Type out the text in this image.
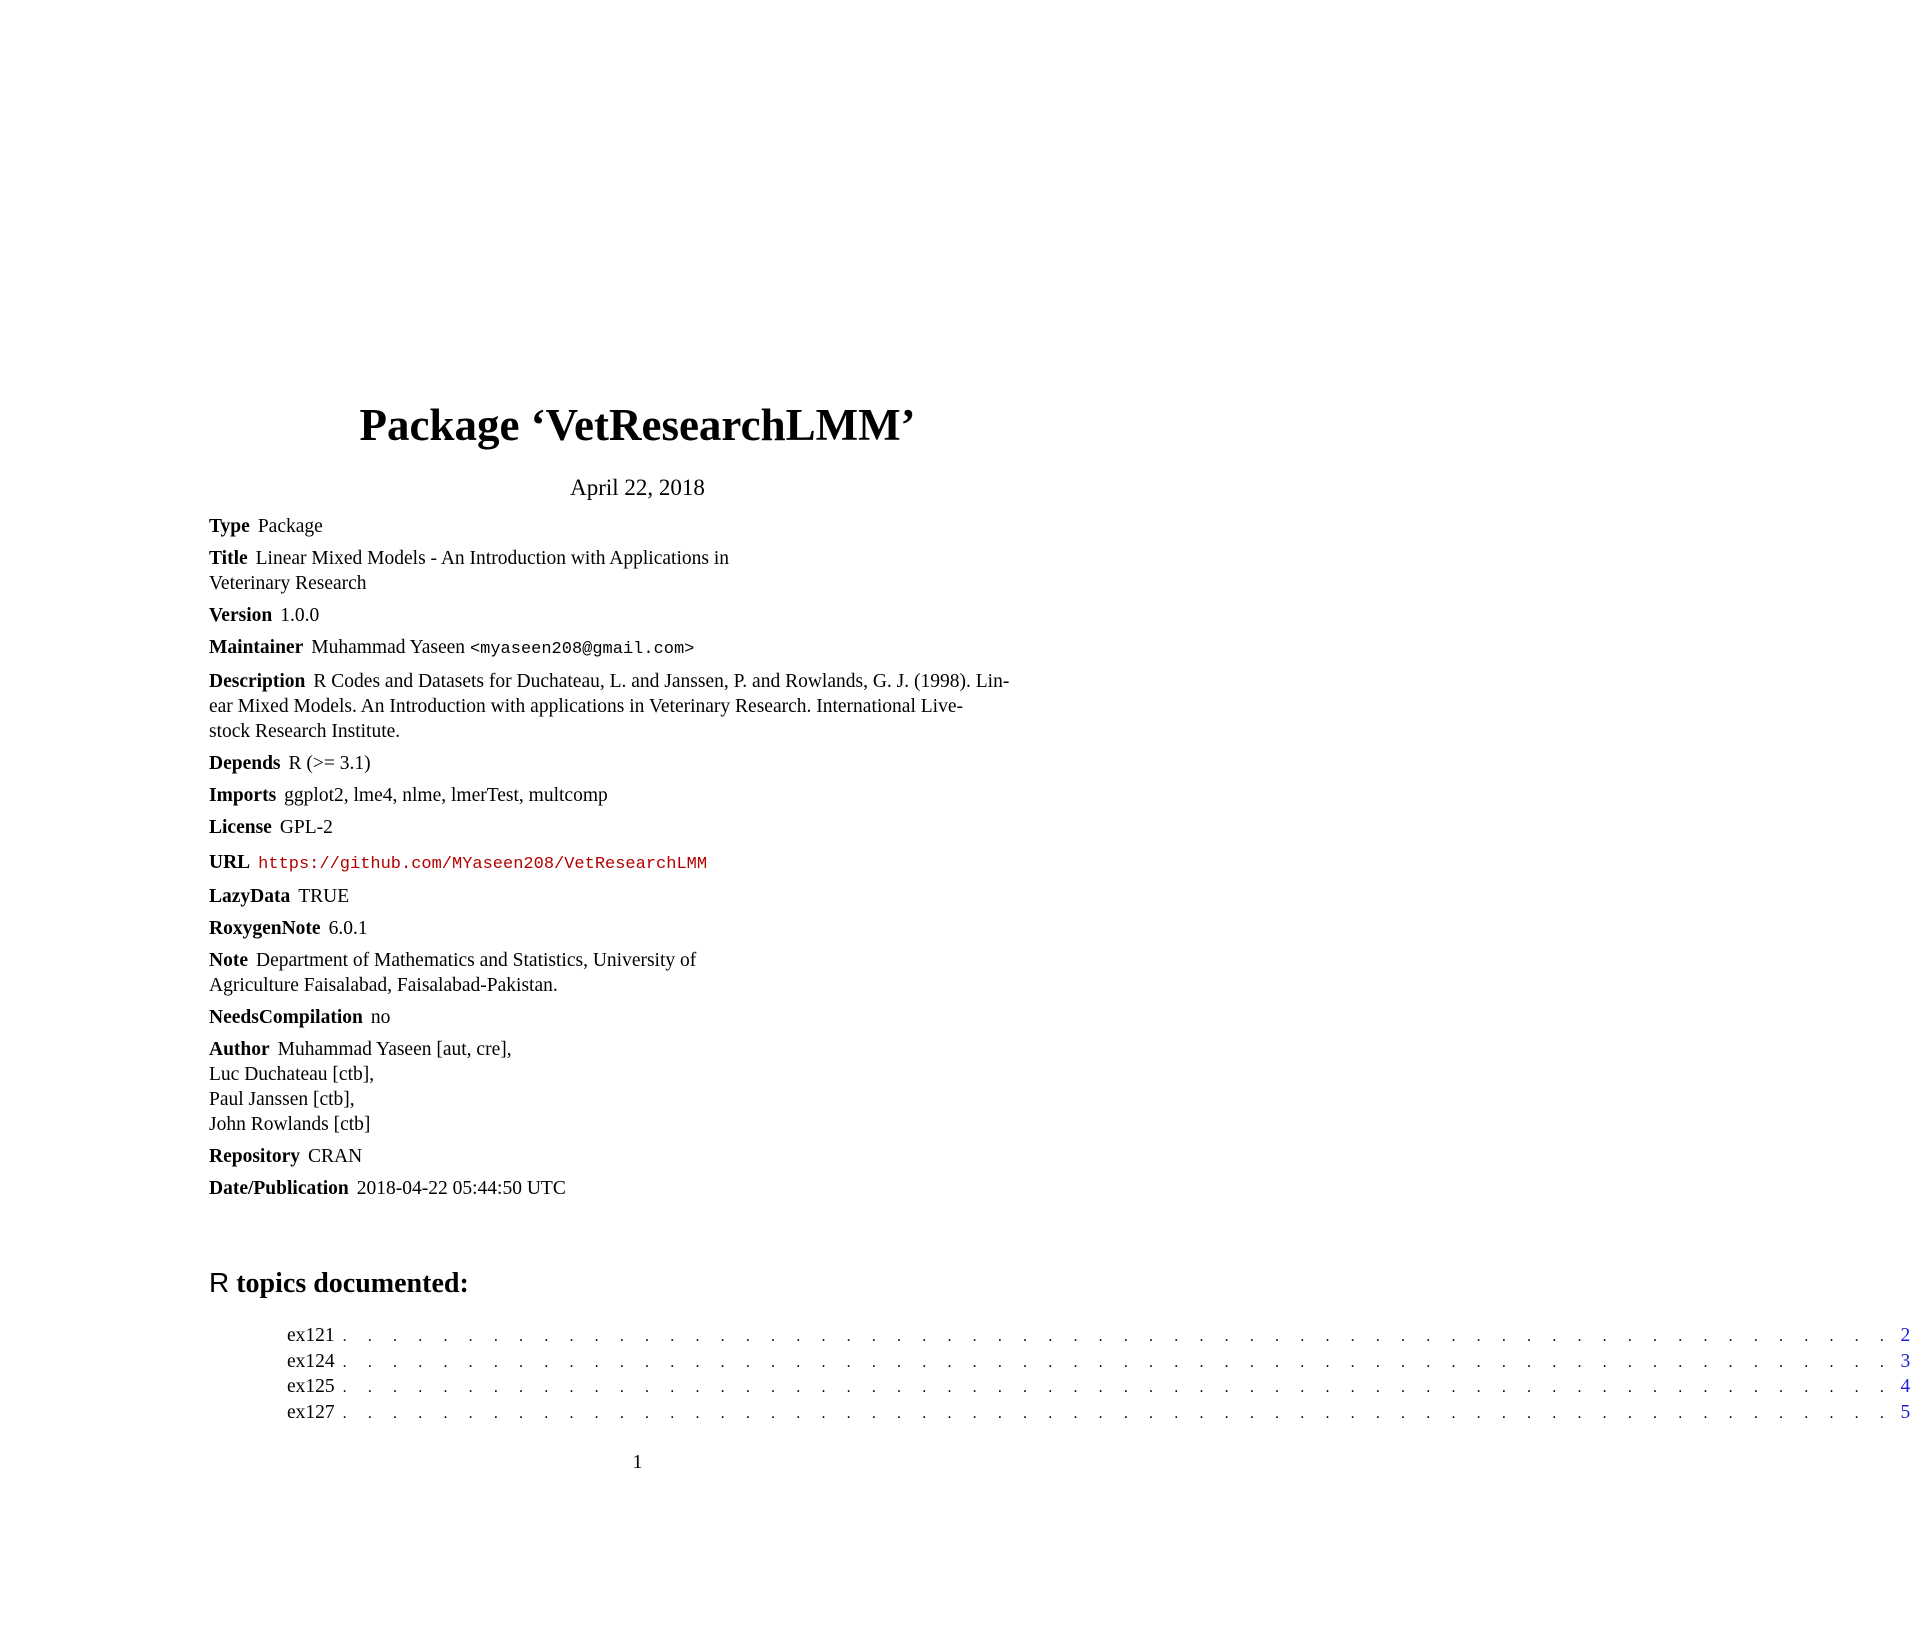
Package ‘VetResearchLMM’
April 22, 2018

Type Package

Title Linear Mixed Models - An Introduction with Applications in
Veterinary Research

Version 1.0.0

Maintainer Muhammad Yaseen <myaseen208@gmail.com>

Description R Codes and Datasets for Duchateau, L. and Janssen, P. and Rowlands, G. J. (1998). Lin-
ear Mixed Models. An Introduction with applications in Veterinary Research. International Live-
stock Research Institute.

Depends R (>= 3.1)

Imports ggplot2, lme4, nlme, lmerTest, multcomp

License GPL-2

URL https://github.com/MYaseen208/VetResearchLMM

LazyData TRUE

RoxygenNote 6.0.1

Note Department of Mathematics and Statistics, University of
Agriculture Faisalabad, Faisalabad-Pakistan.

NeedsCompilation no

Author Muhammad Yaseen [aut, cre],
Luc Duchateau [ctb],
Paul Janssen [ctb],
John Rowlands [ctb]

Repository CRAN

Date/Publication 2018-04-22 05:44:50 UTC

R topics documented:
ex121 . . . . . . . . . . . . . . . . . . . . . . . . . . . . . . . . . . . . . . . . . . . . . . . . . . . . . . . . . . . . . . 2
ex124 . . . . . . . . . . . . . . . . . . . . . . . . . . . . . . . . . . . . . . . . . . . . . . . . . . . . . . . . . . . . . . 3
ex125 . . . . . . . . . . . . . . . . . . . . . . . . . . . . . . . . . . . . . . . . . . . . . . . . . . . . . . . . . . . . . . 4
ex127 . . . . . . . . . . . . . . . . . . . . . . . . . . . . . . . . . . . . . . . . . . . . . . . . . . . . . . . . . . . . . . 5
1
